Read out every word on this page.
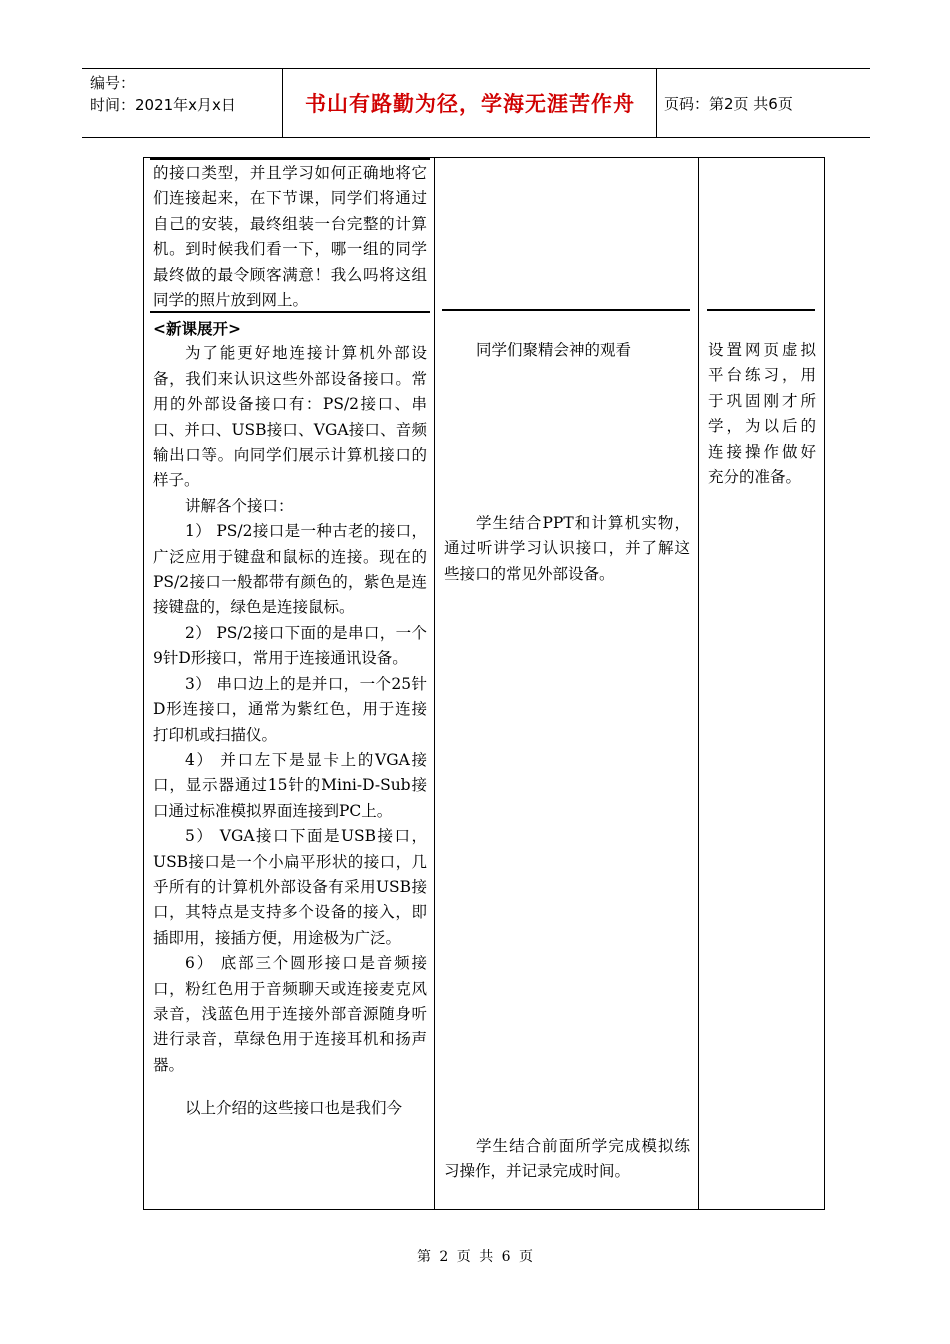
编号：
时间：2021年x月x日	书山有路勤为径，学海无涯苦作舟	页码：第2页 共6页

的接口类型，并且学习如何正确地将它们连接起来，在下节课，同学们将通过自己的安装，最终组装一台完整的计算机。到时候我们看一下，哪一组的同学最终做的最令顾客满意！我么吗将这组同学的照片放到网上。

<新课展开>

为了能更好地连接计算机外部设备，我们来认识这些外部设备接口。常用的外部设备接口有：PS/2接口、串口、并口、USB接口、VGA接口、音频输出口等。向同学们展示计算机接口的样子。

讲解各个接口：

1） PS/2接口是一种古老的接口，广泛应用于键盘和鼠标的连接。现在的PS/2接口一般都带有颜色的，紫色是连接键盘的，绿色是连接鼠标。

2） PS/2接口下面的是串口，一个9针D形接口，常用于连接通讯设备。

3） 串口边上的是并口，一个25针D形连接口，通常为紫红色，用于连接打印机或扫描仪。

4） 并口左下是显卡上的VGA接口，显示器通过15针的Mini-D-Sub接口通过标准模拟界面连接到PC上。

5） VGA接口下面是USB接口，USB接口是一个小扁平形状的接口，几乎所有的计算机外部设备有采用USB接口，其特点是支持多个设备的接入，即插即用，接插方便，用途极为广泛。

6） 底部三个圆形接口是音频接口，粉红色用于音频聊天或连接麦克风录音，浅蓝色用于连接外部音源随身听进行录音，草绿色用于连接耳机和扬声器。

以上介绍的这些接口也是我们今

同学们聚精会神的观看
学生结合PPT和计算机实物，通过听讲学习认识接口，并了解这些接口的常见外部设备。
学生结合前面所学完成模拟练习操作，并记录完成时间。
设置网页虚拟平台练习，用于巩固刚才所学，为以后的连接操作做好充分的准备。
第 2 页 共 6 页
